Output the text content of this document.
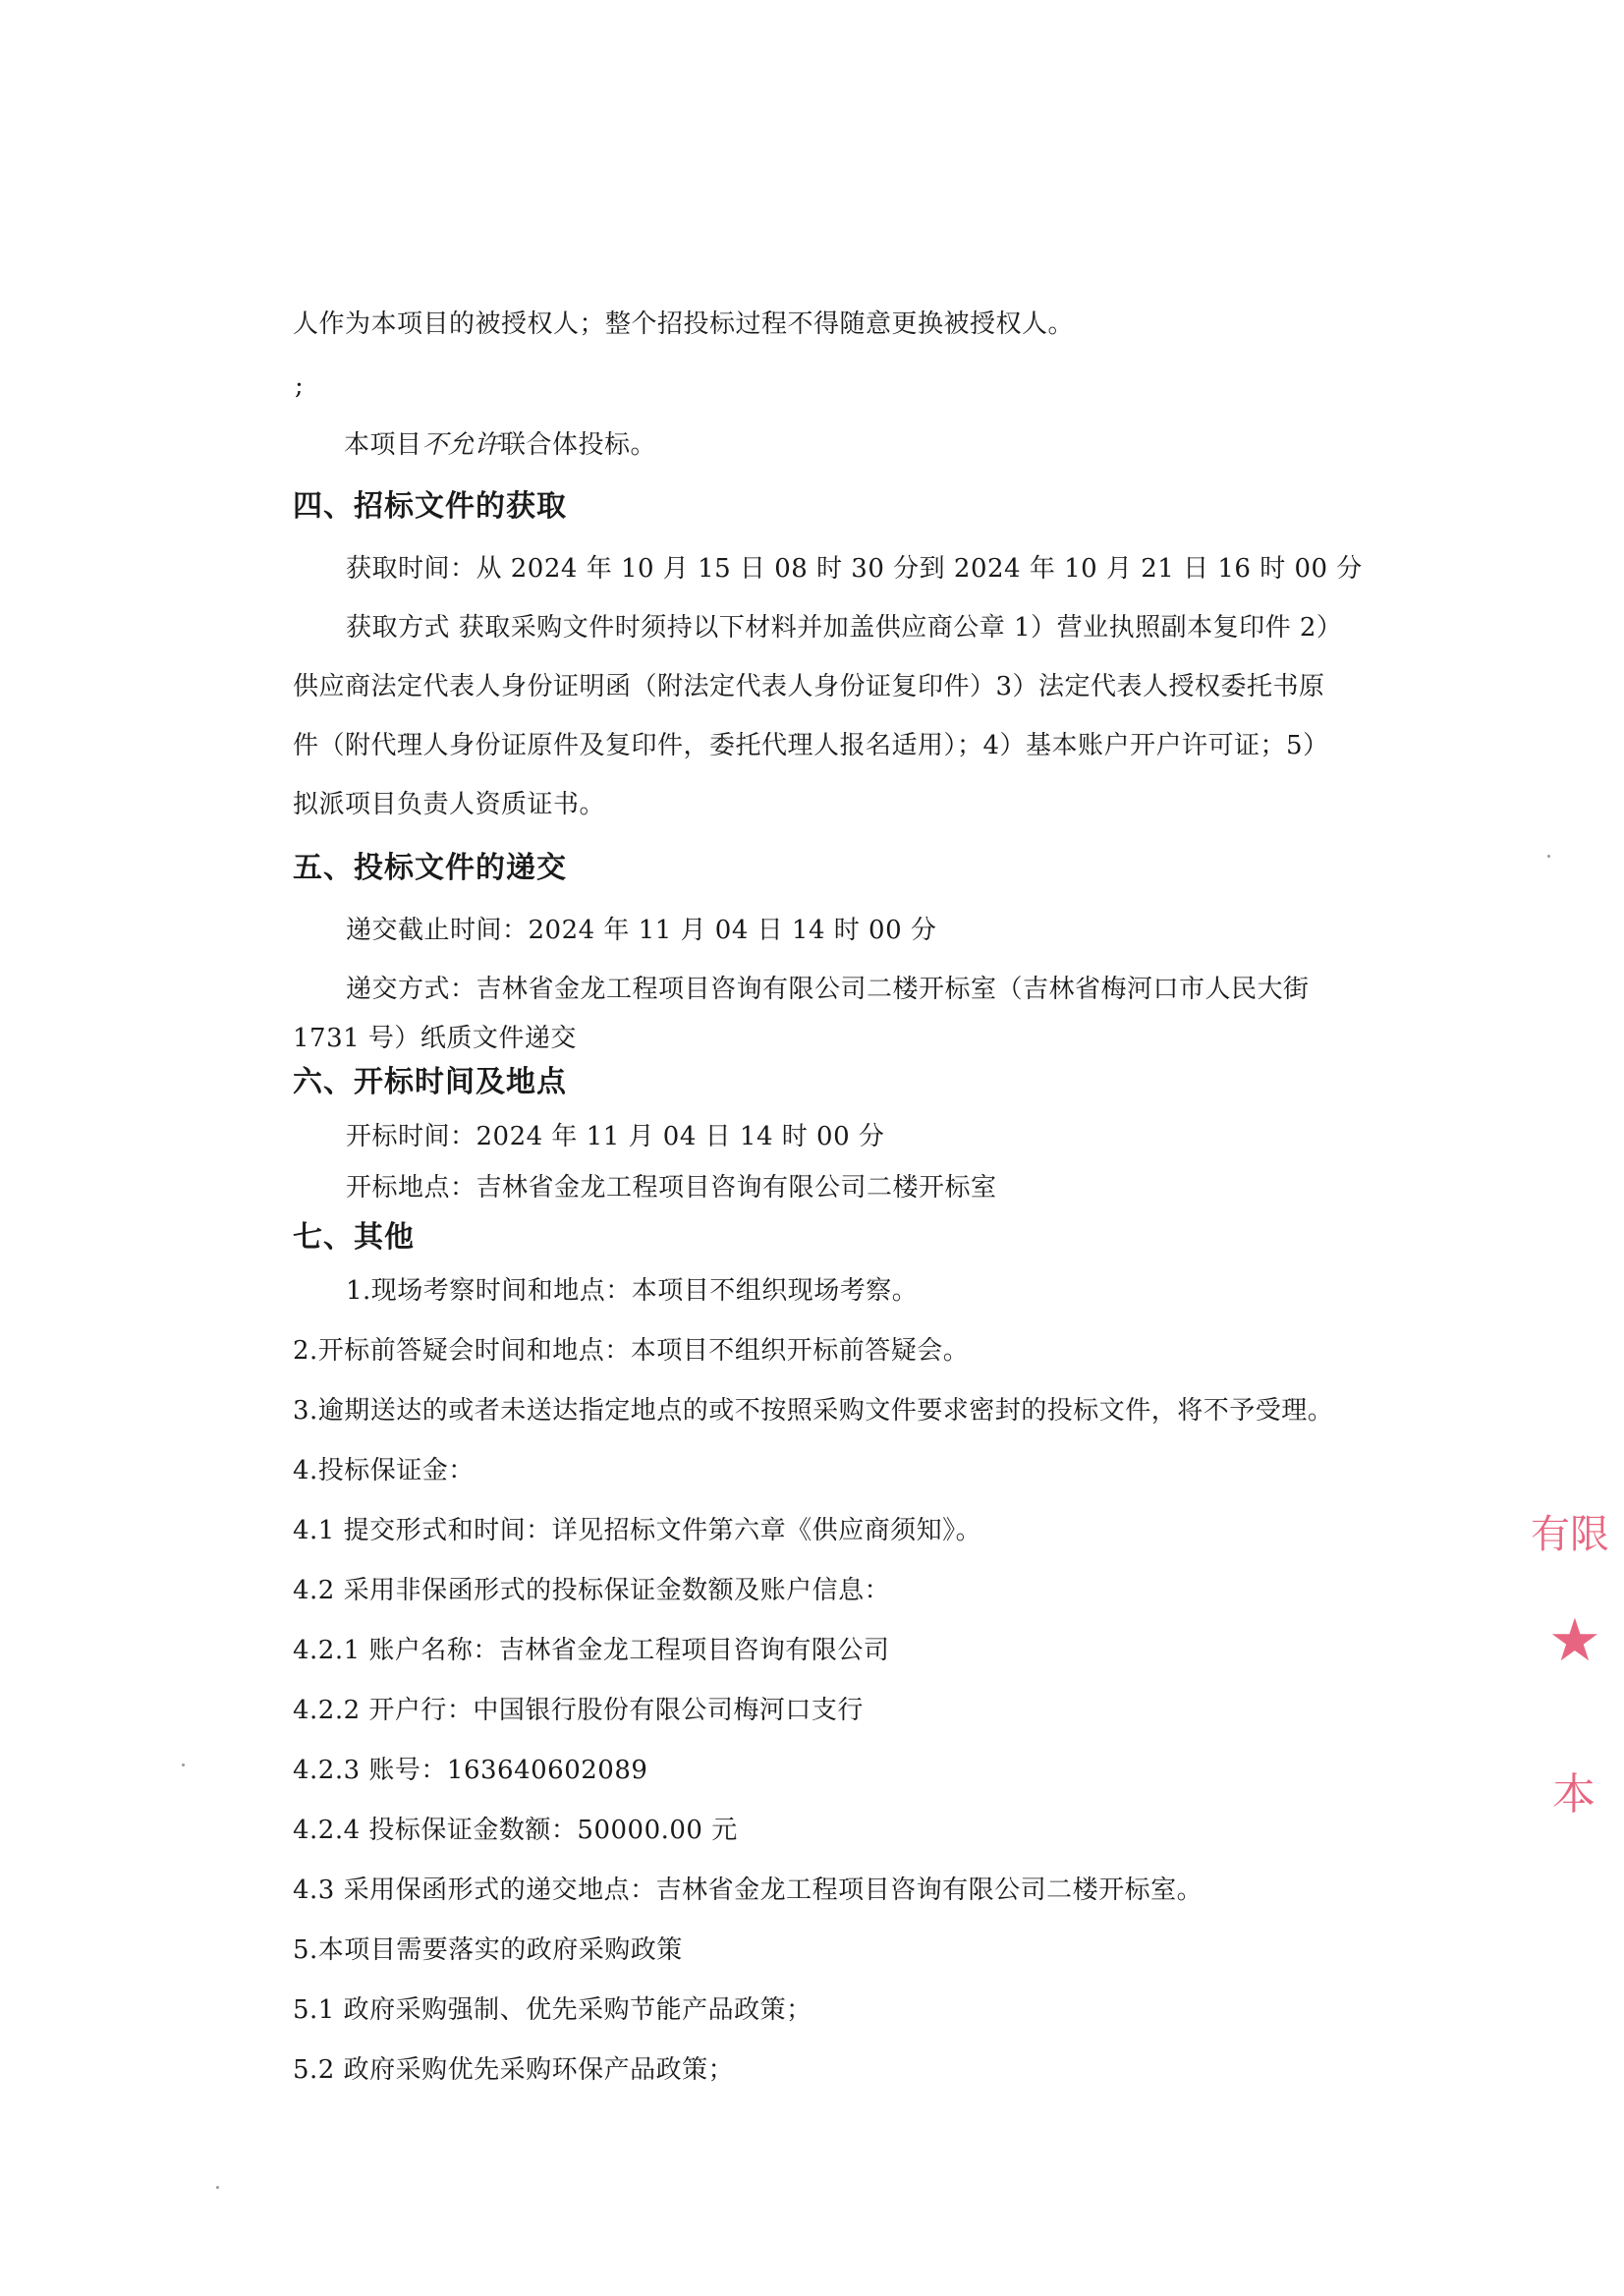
人作为本项目的被授权人；整个招投标过程不得随意更换被授权人。
;
本项目不允许联合体投标。
四、招标文件的获取
获取时间：从 2024 年 10 月 15 日 08 时 30 分到 2024 年 10 月 21 日 16 时 00 分
获取方式 获取采购文件时须持以下材料并加盖供应商公章 1）营业执照副本复印件 2）
供应商法定代表人身份证明函（附法定代表人身份证复印件）3）法定代表人授权委托书原
件（附代理人身份证原件及复印件，委托代理人报名适用）；4）基本账户开户许可证；5）
拟派项目负责人资质证书。
五、投标文件的递交
递交截止时间：2024 年 11 月 04 日 14 时 00 分
递交方式：吉林省金龙工程项目咨询有限公司二楼开标室（吉林省梅河口市人民大街
1731 号）纸质文件递交
六、开标时间及地点
开标时间：2024 年 11 月 04 日 14 时 00 分
开标地点：吉林省金龙工程项目咨询有限公司二楼开标室
七、其他
1.现场考察时间和地点：本项目不组织现场考察。
2.开标前答疑会时间和地点：本项目不组织开标前答疑会。
3.逾期送达的或者未送达指定地点的或不按照采购文件要求密封的投标文件，将不予受理。
4.投标保证金：
4.1 提交形式和时间：详见招标文件第六章《供应商须知》。
4.2 采用非保函形式的投标保证金数额及账户信息：
4.2.1 账户名称：吉林省金龙工程项目咨询有限公司
4.2.2 开户行：中国银行股份有限公司梅河口支行
4.2.3 账号：163640602089
4.2.4 投标保证金数额：50000.00 元
4.3 采用保函形式的递交地点：吉林省金龙工程项目咨询有限公司二楼开标室。
5.本项目需要落实的政府采购政策
5.1 政府采购强制、优先采购节能产品政策；
5.2 政府采购优先采购环保产品政策；
有限
★
本
